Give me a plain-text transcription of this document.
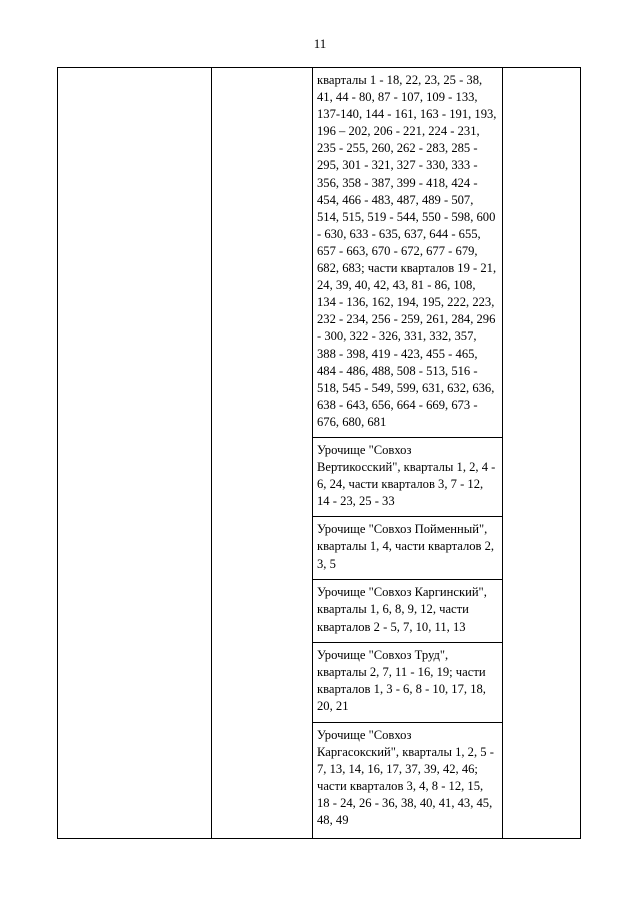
11

кварталы 1 - 18, 22, 23, 25 - 38,
41, 44 - 80, 87 - 107, 109 - 133,
137-140, 144 - 161, 163 - 191, 193,
196 – 202, 206 - 221, 224 - 231,
235 - 255, 260, 262 - 283, 285 -
295, 301 - 321, 327 - 330, 333 -
356, 358 - 387, 399 - 418, 424 -
454, 466 - 483, 487, 489 - 507,
514, 515, 519 - 544, 550 - 598, 600
- 630, 633 - 635, 637, 644 - 655,
657 - 663, 670 - 672, 677 - 679,
682, 683; части кварталов 19 - 21,
24, 39, 40, 42, 43, 81 - 86, 108,
134 - 136, 162, 194, 195, 222, 223,
232 - 234, 256 - 259, 261, 284, 296
- 300, 322 - 326, 331, 332, 357,
388 - 398, 419 - 423, 455 - 465,
484 - 486, 488, 508 - 513, 516 -
518, 545 - 549, 599, 631, 632, 636,
638 - 643, 656, 664 - 669, 673 -
676, 680, 681

Урочище "Совхоз
Вертикосский", кварталы 1, 2, 4 -
6, 24, части кварталов 3, 7 - 12,
14 - 23, 25 - 33

Урочище "Совхоз Пойменный",
кварталы 1, 4, части кварталов 2,
3, 5

Урочище "Совхоз Каргинский",
кварталы 1, 6, 8, 9, 12, части
кварталов 2 - 5, 7, 10, 11, 13

Урочище "Совхоз Труд",
кварталы 2, 7, 11 - 16, 19; части
кварталов 1, 3 - 6, 8 - 10, 17, 18,
20, 21

Урочище "Совхоз
Каргасокский", кварталы 1, 2, 5 -
7, 13, 14, 16, 17, 37, 39, 42, 46;
части кварталов 3, 4, 8 - 12, 15,
18 - 24, 26 - 36, 38, 40, 41, 43, 45,
48, 49
